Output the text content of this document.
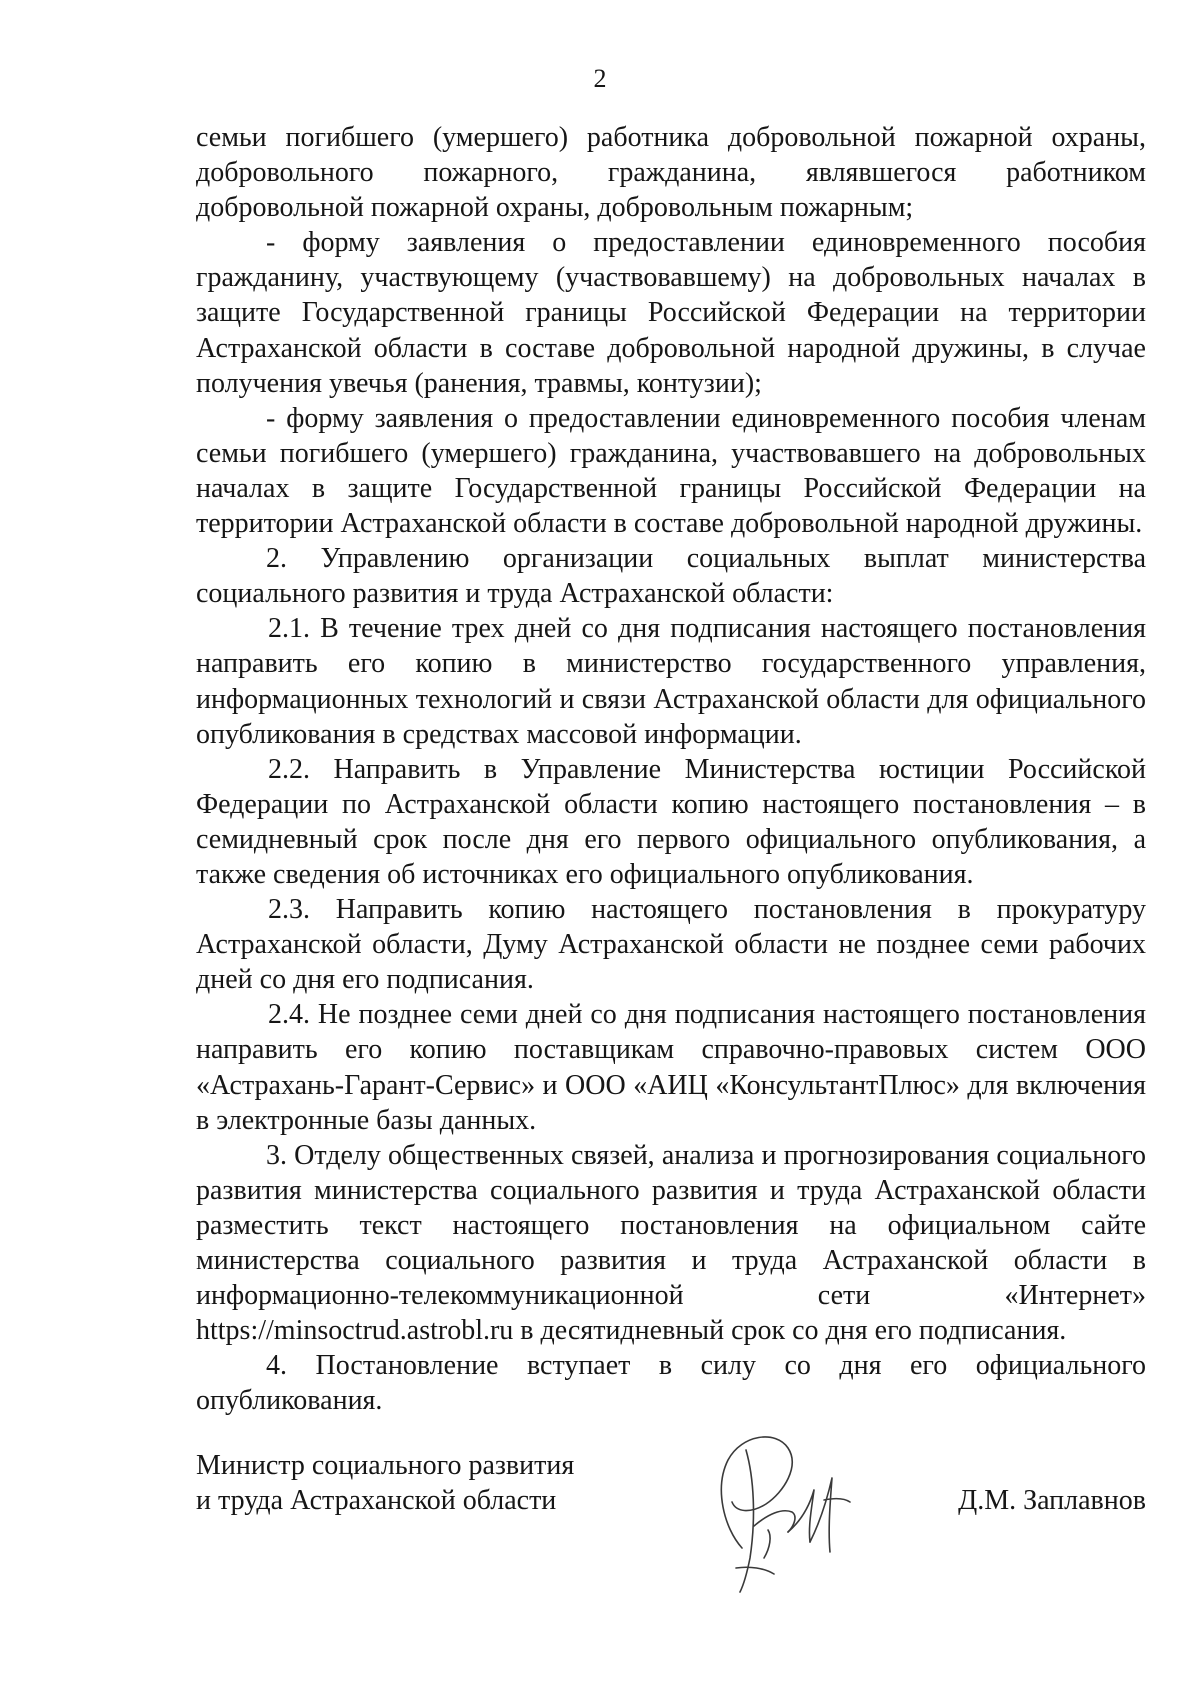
2

семьи погибшего (умершего) работника добровольной пожарной охраны, добровольного пожарного, гражданина, являвшегося работником добровольной пожарной охраны, добровольным пожарным;

- форму заявления о предоставлении единовременного пособия гражданину, участвующему (участвовавшему) на добровольных началах в защите Государственной границы Российской Федерации на территории Астраханской области в составе добровольной народной дружины, в случае получения увечья (ранения, травмы, контузии);

- форму заявления о предоставлении единовременного пособия членам семьи погибшего (умершего) гражданина, участвовавшего на добровольных началах в защите Государственной границы Российской Федерации на территории Астраханской области в составе добровольной народной дружины.

2. Управлению организации социальных выплат министерства социального развития и труда Астраханской области:

2.1. В течение трех дней со дня подписания настоящего постановления направить его копию в министерство государственного управления, информационных технологий и связи Астраханской области для официального опубликования в средствах массовой информации.

2.2. Направить в Управление Министерства юстиции Российской Федерации по Астраханской области копию настоящего постановления – в семидневный срок после дня его первого официального опубликования, а также сведения об источниках его официального опубликования.

2.3. Направить копию настоящего постановления в прокуратуру Астраханской области, Думу Астраханской области не позднее семи рабочих дней со дня его подписания.

2.4. Не позднее семи дней со дня подписания настоящего постановления направить его копию поставщикам справочно-правовых систем ООО «Астрахань-Гарант-Сервис» и ООО «АИЦ «КонсультантПлюс» для включения в электронные базы данных.

3. Отделу общественных связей, анализа и прогнозирования социального развития министерства социального развития и труда Астраханской области разместить текст настоящего постановления на официальном сайте министерства социального развития и труда Астраханской области в информационно-телекоммуникационной сети «Интернет» https://minsoctrud.astrobl.ru в десятидневный срок со дня его подписания.

4. Постановление вступает в силу со дня его официального опубликования.

Министр социального развития
и труда Астраханской области	Д.М. Заплавнов
